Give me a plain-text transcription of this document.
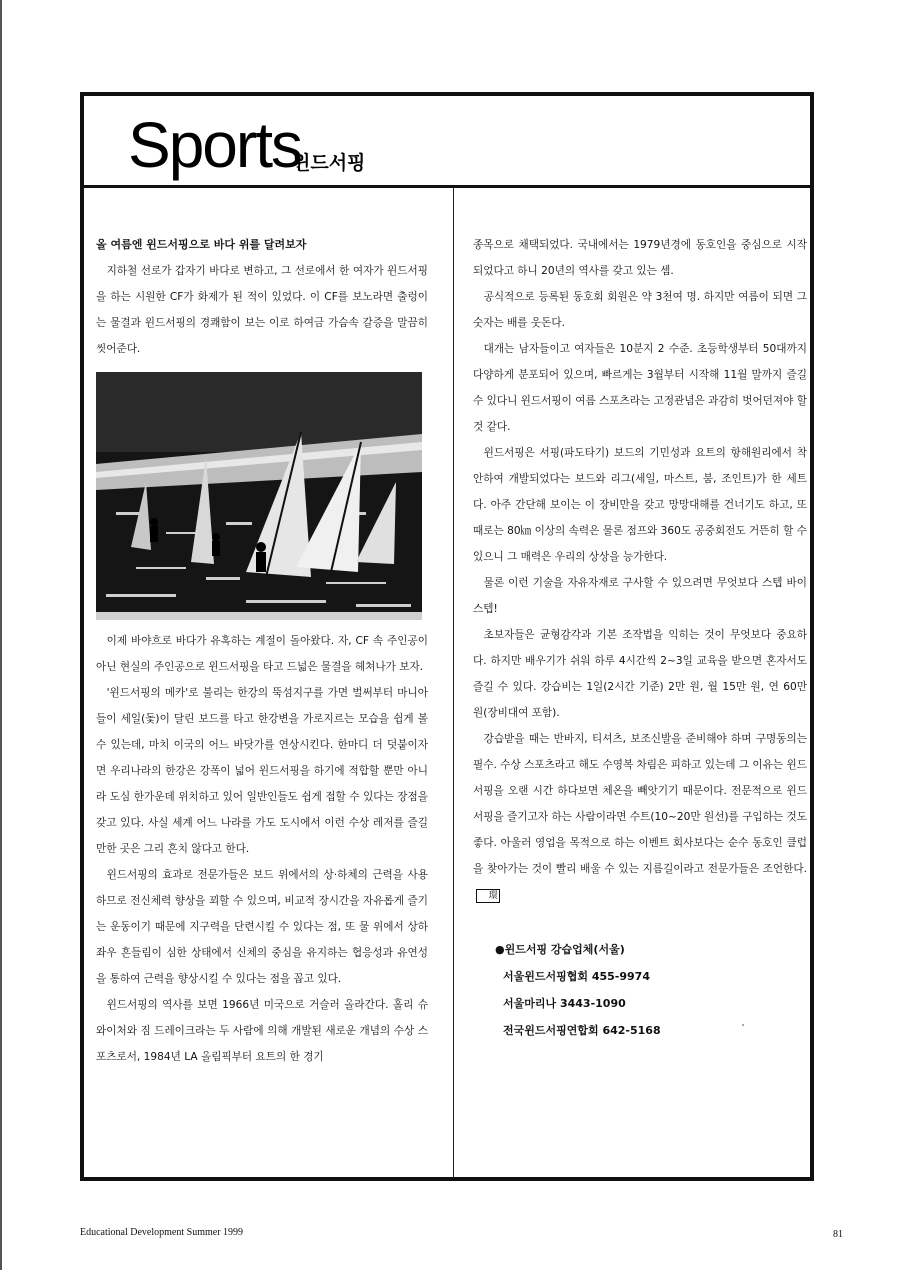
Sports
윈드서핑

올 여름엔 윈드서핑으로 바다 위를 달려보자

지하철 선로가 갑자기 바다로 변하고, 그 선로에서 한 여자가 윈드서핑을 하는 시원한 CF가 화제가 된 적이 있었다. 이 CF를 보노라면 출렁이는 물결과 윈드서핑의 경쾌함이 보는 이로 하여금 가슴속 갈증을 말끔히 씻어준다.

이제 바야흐로 바다가 유혹하는 계절이 돌아왔다. 자, CF 속 주인공이 아닌 현실의 주인공으로 윈드서핑을 타고 드넓은 물결을 헤쳐나가 보자.

'윈드서핑의 메카'로 불리는 한강의 뚝섬지구를 가면 벌써부터 마니아들이 세일(돛)이 달린 보드를 타고 한강변을 가로지르는 모습을 쉽게 볼 수 있는데, 마치 이국의 어느 바닷가를 연상시킨다. 한마디 더 덧붙이자면 우리나라의 한강은 강폭이 넓어 윈드서핑을 하기에 적합할 뿐만 아니라 도심 한가운데 위치하고 있어 일반인들도 쉽게 접할 수 있다는 장점을 갖고 있다. 사실 세계 어느 나라를 가도 도시에서 이런 수상 레저를 즐길 만한 곳은 그리 흔치 않다고 한다.

윈드서핑의 효과로 전문가들은 보드 위에서의 상·하체의 근력을 사용하므로 전신체력 향상을 꾀할 수 있으며, 비교적 장시간을 자유롭게 즐기는 운동이기 때문에 지구력을 단련시킬 수 있다는 점, 또 물 위에서 상하좌우 흔들림이 심한 상태에서 신체의 중심을 유지하는 협응성과 유연성을 통하여 근력을 향상시킬 수 있다는 점을 꼽고 있다.

윈드서핑의 역사를 보면 1966년 미국으로 거슬러 올라간다. 홀리 슈와이처와 짐 드레이크라는 두 사람에 의해 개발된 새로운 개념의 수상 스포츠로서, 1984년 LA 올림픽부터 요트의 한 경기

종목으로 채택되었다. 국내에서는 1979년경에 동호인을 중심으로 시작되었다고 하니 20년의 역사를 갖고 있는 셈.

공식적으로 등록된 동호회 회원은 약 3천여 명. 하지만 여름이 되면 그 숫자는 배를 웃돈다.

대개는 남자들이고 여자들은 10분지 2 수준. 초등학생부터 50대까지 다양하게 분포되어 있으며, 빠르게는 3월부터 시작해 11월 말까지 즐길 수 있다니 윈드서핑이 여름 스포츠라는 고정관념은 과감히 벗어던져야 할 것 같다.

윈드서핑은 서핑(파도타기) 보드의 기민성과 요트의 항해원리에서 착안하여 개발되었다는 보드와 리그(세일, 마스트, 붐, 조인트)가 한 세트다. 아주 간단해 보이는 이 장비만을 갖고 망망대해를 건너기도 하고, 또 때로는 80㎞ 이상의 속력은 물론 점프와 360도 공중회전도 거뜬히 할 수 있으니 그 매력은 우리의 상상을 능가한다.

물론 이런 기술을 자유자재로 구사할 수 있으려면 무엇보다 스텝 바이 스텝!

초보자들은 균형감각과 기본 조작법을 익히는 것이 무엇보다 중요하다. 하지만 배우기가 쉬워 하루 4시간씩 2~3일 교육을 받으면 혼자서도 즐길 수 있다. 강습비는 1일(2시간 기준) 2만 원, 월 15만 원, 연 60만 원(장비대여 포함).

강습받을 때는 반바지, 티셔츠, 보조신발을 준비해야 하며 구명동의는 필수. 수상 스포츠라고 해도 수영복 차림은 피하고 있는데 그 이유는 윈드서핑을 오랜 시간 하다보면 체온을 빼앗기기 때문이다. 전문적으로 윈드서핑을 즐기고자 하는 사람이라면 수트(10~20만 원선)를 구입하는 것도 좋다. 아울러 영업을 목적으로 하는 이벤트 회사보다는 순수 동호인 클럽을 찾아가는 것이 빨리 배울 수 있는 지름길이라고 전문가들은 조언한다.環

●윈드서핑 강습업체(서울)

서울윈드서핑협회 455-9974

서울마리나 3443-1090

전국윈드서핑연합회 642-5168

Educational Development Summer 1999	81
